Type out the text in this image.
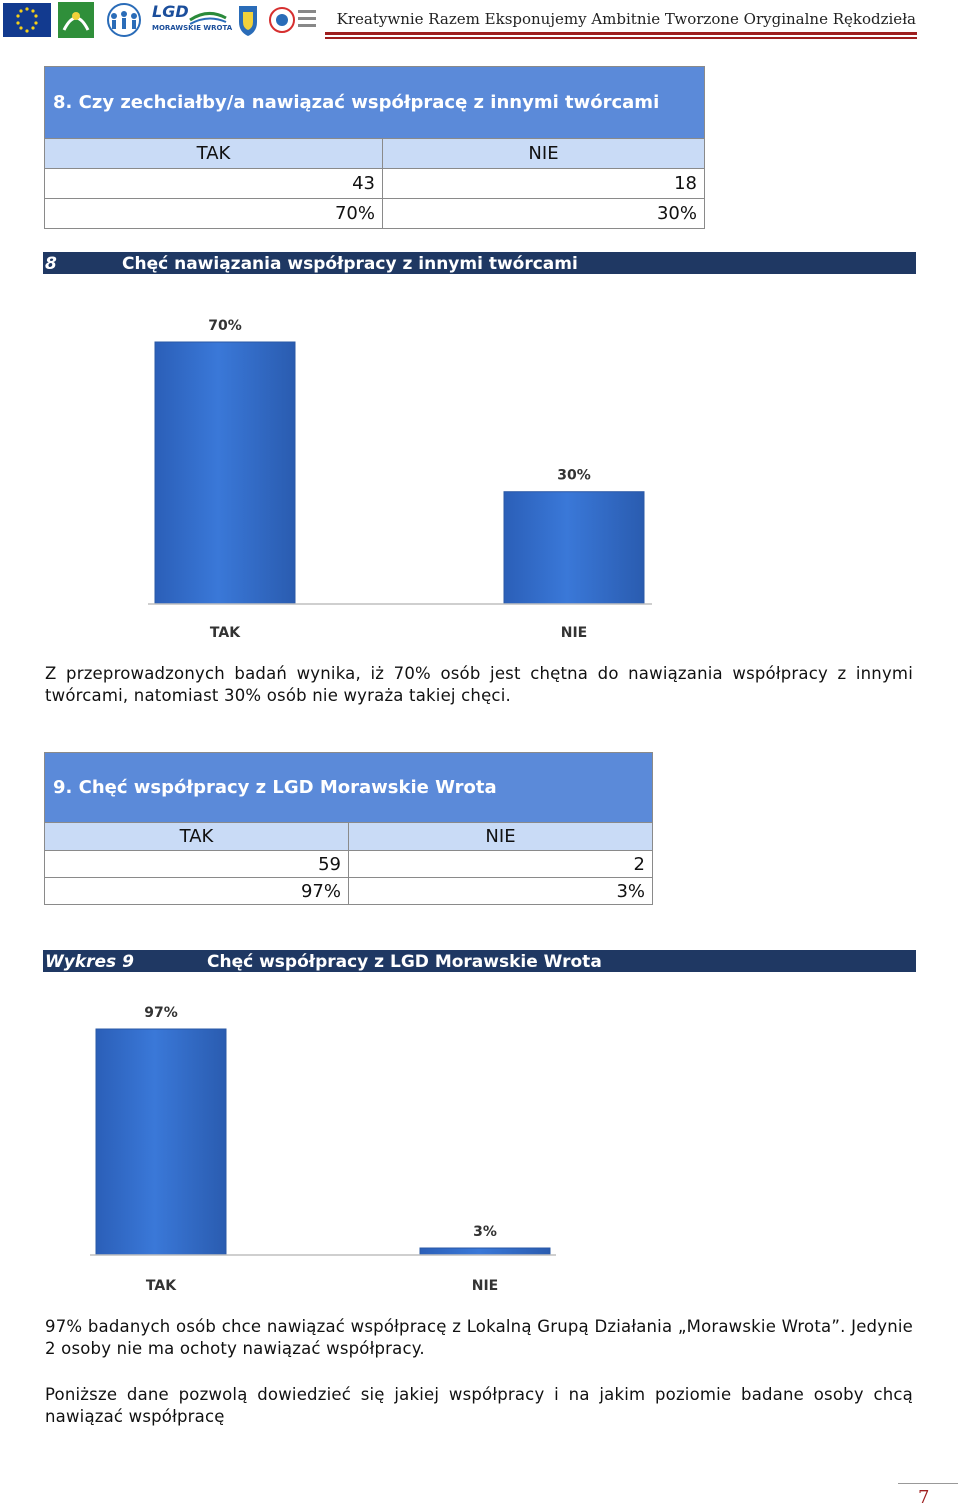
LGD
MORAWSKIE WROTA	Kreatywnie Razem Eksponujemy Ambitnie Tworzone Oryginalne Rękodzieła
8. Czy zechciałby/a nawiązać współpracę z innymi twórcami
TAK	NIE
43	18
70%	30%
8	Chęć nawiązania współpracy z innymi twórcami
70%
TAK
30%
NIE
Z przeprowadzonych badań wynika, iż 70% osób jest chętna do nawiązania współpracy z innymi twórcami, natomiast 30% osób nie wyraża takiej chęci.
9. Chęć współpracy z LGD Morawskie Wrota
TAK	NIE
59	2
97%	3%
Wykres 9	Chęć współpracy z LGD Morawskie Wrota
97%
TAK
3%
NIE
97% badanych osób chce nawiązać współpracę z Lokalną Grupą Działania „Morawskie Wrota”. Jedynie 2 osoby nie ma ochoty nawiązać współpracy.
Poniższe dane pozwolą dowiedzieć się jakiej współpracy i na jakim poziomie badane osoby chcą nawiązać współpracę
7
